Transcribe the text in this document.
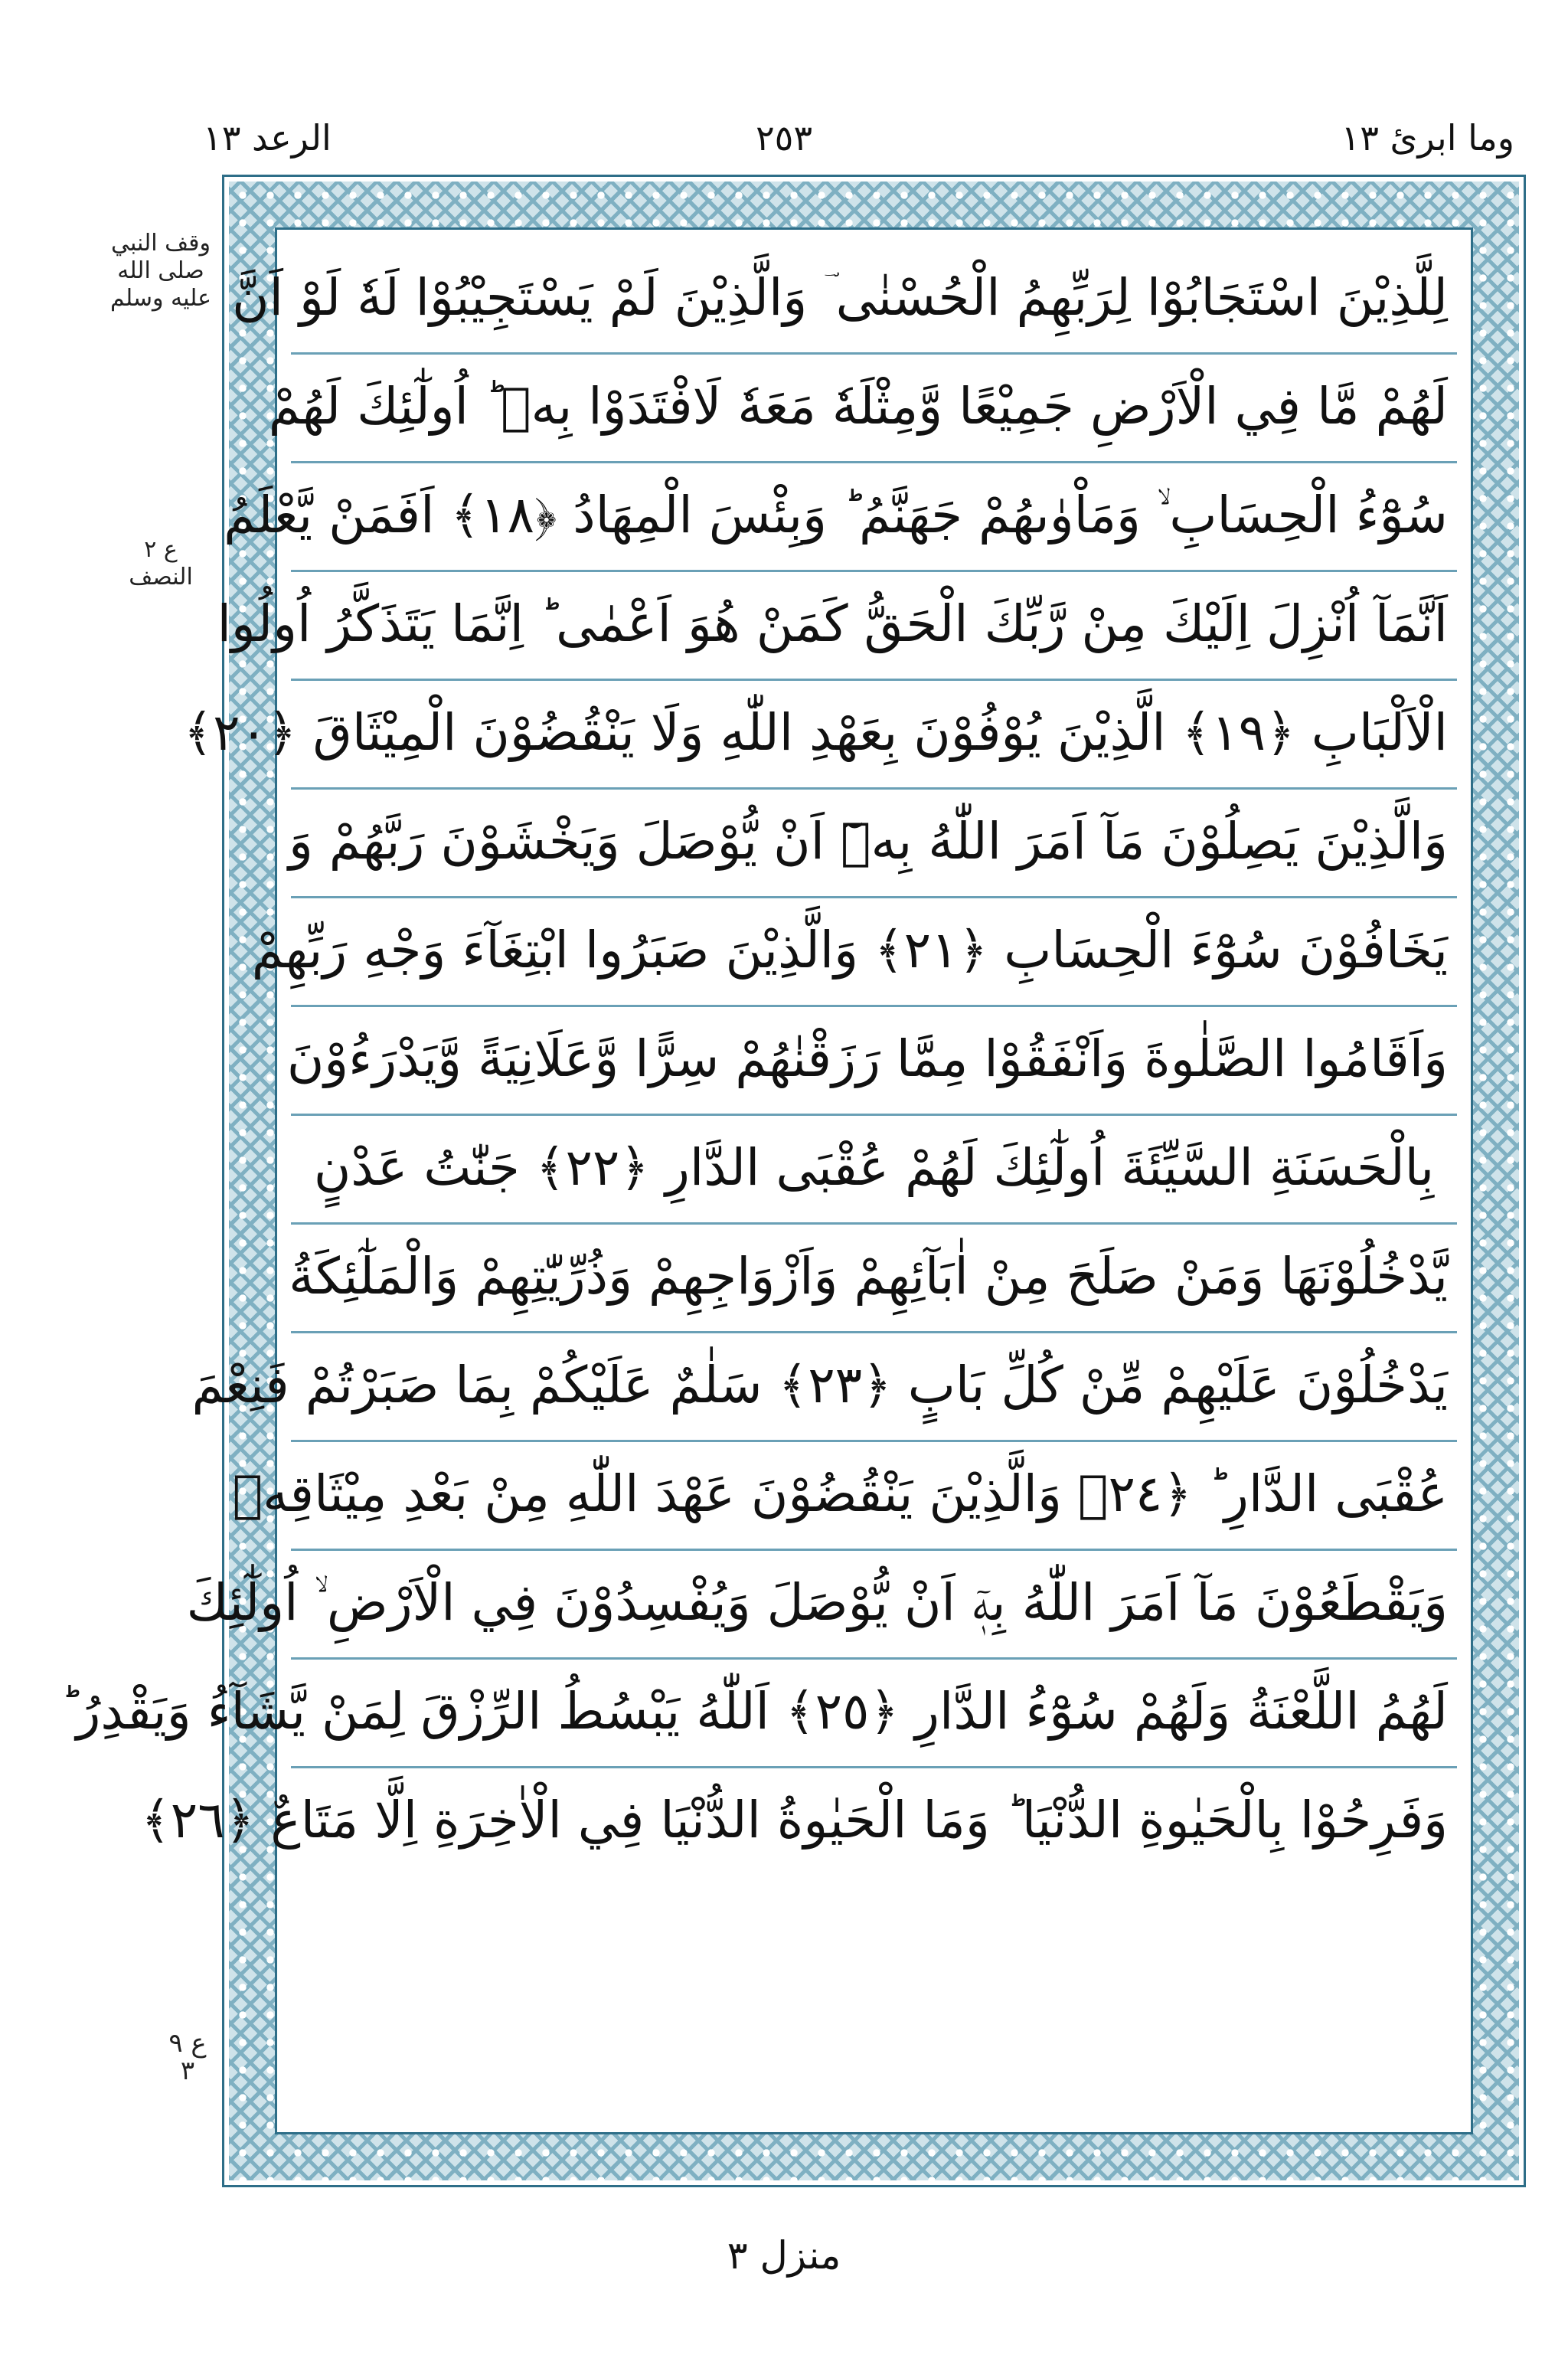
وما ابرئ ١٣
٢٥٣
الرعد ١٣
وقف النبي صلى الله عليه وسلم
ع ٢ النصف
ع ٩ ٣
لِلَّذِيْنَ اسْتَجَابُوْا لِرَبِّهِمُ الْحُسْنٰى ؔ وَالَّذِيْنَ لَمْ يَسْتَجِيْبُوْا لَهٗ لَوْ اَنَّ
لَهُمْ مَّا فِي الْاَرْضِ جَمِيْعًا وَّمِثْلَهٗ مَعَهٗ لَافْتَدَوْا بِهٖ ؕ اُولٰٓئِكَ لَهُمْ
سُوْٓءُ الْحِسَابِ ۙ وَمَاْوٰىهُمْ جَهَنَّمُ ؕ وَبِئْسَ الْمِهَادُ ﴿١٨﴾ اَفَمَنْ يَّعْلَمُ
اَنَّمَآ اُنْزِلَ اِلَيْكَ مِنْ رَّبِّكَ الْحَقُّ كَمَنْ هُوَ اَعْمٰى ؕ اِنَّمَا يَتَذَكَّرُ اُولُوا
الْاَلْبَابِ ﴿١٩﴾ الَّذِيْنَ يُوْفُوْنَ بِعَهْدِ اللّٰهِ وَلَا يَنْقُضُوْنَ الْمِيْثَاقَ ﴿٢٠﴾
وَالَّذِيْنَ يَصِلُوْنَ مَآ اَمَرَ اللّٰهُ بِهٖٓ اَنْ يُّوْصَلَ وَيَخْشَوْنَ رَبَّهُمْ وَ
يَخَافُوْنَ سُوْٓءَ الْحِسَابِ ﴿٢١﴾ وَالَّذِيْنَ صَبَرُوا ابْتِغَآءَ وَجْهِ رَبِّهِمْ
وَاَقَامُوا الصَّلٰوةَ وَاَنْفَقُوْا مِمَّا رَزَقْنٰهُمْ سِرًّا وَّعَلَانِيَةً وَّيَدْرَءُوْنَ
بِالْحَسَنَةِ السَّيِّئَةَ اُولٰٓئِكَ لَهُمْ عُقْبَى الدَّارِ ﴿٢٢﴾ جَنّٰتُ عَدْنٍ
يَّدْخُلُوْنَهَا وَمَنْ صَلَحَ مِنْ اٰبَآئِهِمْ وَاَزْوَاجِهِمْ وَذُرِّيّٰتِهِمْ وَالْمَلٰٓئِكَةُ
يَدْخُلُوْنَ عَلَيْهِمْ مِّنْ كُلِّ بَابٍ ﴿٢٣﴾ سَلٰمٌ عَلَيْكُمْ بِمَا صَبَرْتُمْ فَنِعْمَ
عُقْبَى الدَّارِ ؕ ﴿٢٤﴾ وَالَّذِيْنَ يَنْقُضُوْنَ عَهْدَ اللّٰهِ مِنْ بَعْدِ مِيْثَاقِهٖ
وَيَقْطَعُوْنَ مَآ اَمَرَ اللّٰهُ بِهٖٓ اَنْ يُّوْصَلَ وَيُفْسِدُوْنَ فِي الْاَرْضِ ۙ اُولٰٓئِكَ
لَهُمُ اللَّعْنَةُ وَلَهُمْ سُوْٓءُ الدَّارِ ﴿٢٥﴾ اَللّٰهُ يَبْسُطُ الرِّزْقَ لِمَنْ يَّشَآءُ وَيَقْدِرُ ؕ
وَفَرِحُوْا بِالْحَيٰوةِ الدُّنْيَا ؕ وَمَا الْحَيٰوةُ الدُّنْيَا فِي الْاٰخِرَةِ اِلَّا مَتَاعٌ ﴿٢٦﴾
منزل ٣
